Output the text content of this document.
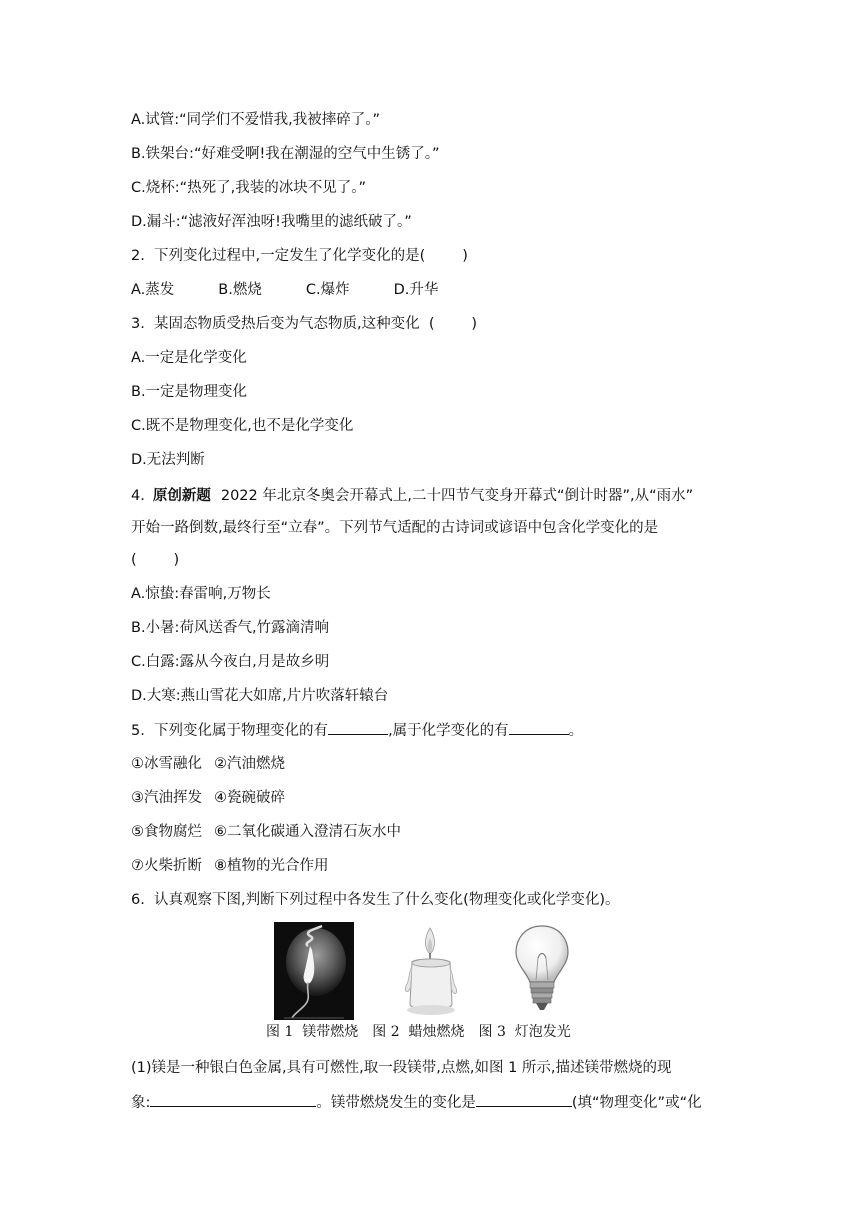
A.试管:“同学们不爱惜我,我被摔碎了。”
B.铁架台:“好难受啊!我在潮湿的空气中生锈了。”
C.烧杯:“热死了,我装的冰块不见了。”
D.漏斗:“滤液好浑浊呀!我嘴里的滤纸破了。”
2.  下列变化过程中,一定发生了化学变化的是(        )
A.蒸发	B.燃烧	C.爆炸	D.升华
3.  某固态物质受热后变为气态物质,这种变化  (        )
A.一定是化学变化
B.一定是物理变化
C.既不是物理变化,也不是化学变化
D.无法判断
4. 原创新题 2022 年北京冬奥会开幕式上,二十四节气变身开幕式“倒计时器”,从“雨水”
开始一路倒数,最终行至“立春”。下列节气适配的古诗词或谚语中包含化学变化的是
(        )
A.惊蛰:春雷响,万物长
B.小暑:荷风送香气,竹露滴清响
C.白露:露从今夜白,月是故乡明
D.大寒:燕山雪花大如席,片片吹落轩辕台
5.  下列变化属于物理变化的有	,属于化学变化的有	。
①冰雪融化 ②汽油燃烧
③汽油挥发 ④瓷碗破碎
⑤食物腐烂 ⑥二氧化碳通入澄清石灰水中
⑦火柴折断 ⑧植物的光合作用
6.  认真观察下图,判断下列过程中各发生了什么变化(物理变化或化学变化)。
图 1  镁带燃烧 图 2  蜡烛燃烧 图 3  灯泡发光
(1)镁是一种银白色金属,具有可燃性,取一段镁带,点燃,如图 1 所示,描述镁带燃烧的现
象:	。镁带燃烧发生的变化是	(填“物理变化”或“化
